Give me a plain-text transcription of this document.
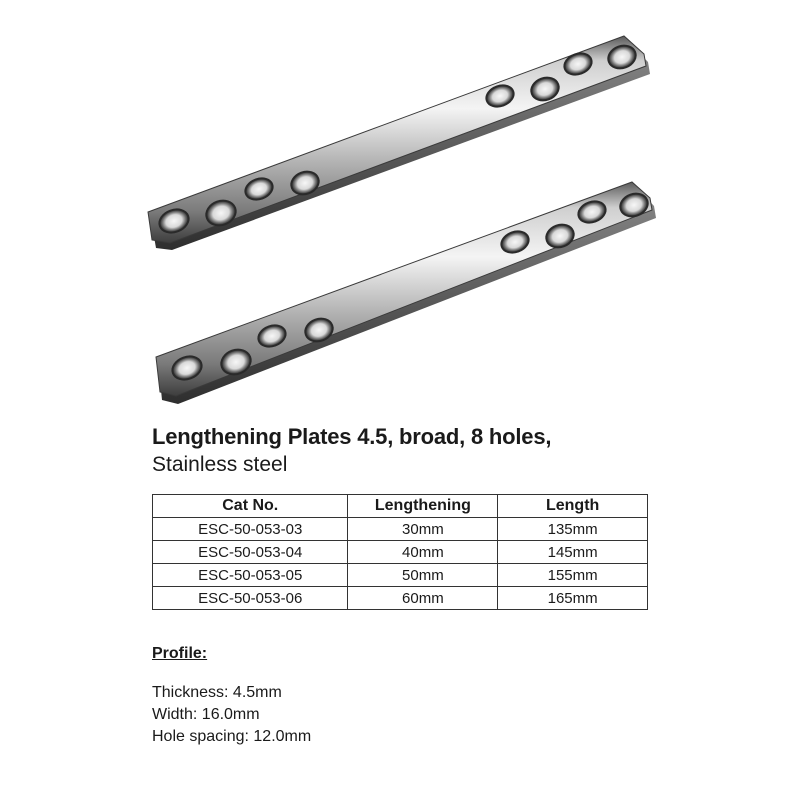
Lengthening Plates 4.5, broad, 8 holes,
Stainless steel
Cat No.	Lengthening	Length
ESC-50-053-03	30mm	135mm
ESC-50-053-04	40mm	145mm
ESC-50-053-05	50mm	155mm
ESC-50-053-06	60mm	165mm
Profile:
Thickness: 4.5mm
Width: 16.0mm
Hole spacing: 12.0mm
